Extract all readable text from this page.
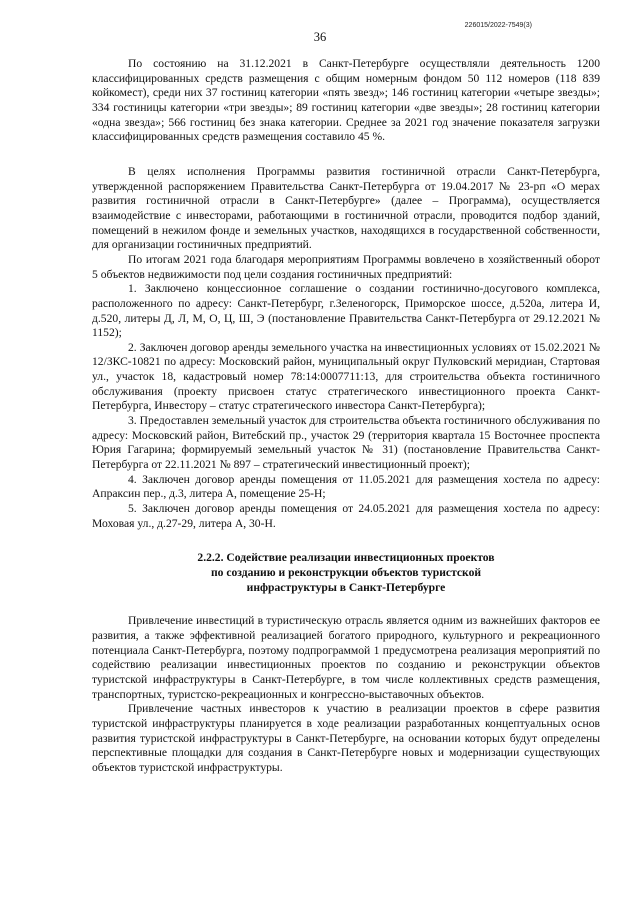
226015/2022-7549(3)
36

По состоянию на 31.12.2021 в Санкт-Петербурге осуществляли деятельность 1200 классифицированных средств размещения с общим номерным фондом 50 112 номеров (118 839 койкомест), среди них 37 гостиниц категории «пять звезд»; 146 гостиниц категории «четыре звезды»; 334 гостиницы категории «три звезды»; 89 гостиниц категории «две звезды»; 28 гостиниц категории «одна звезда»; 566 гостиниц без знака категории. Среднее за 2021 год значение показателя загрузки классифицированных средств размещения составило 45 %.

В целях исполнения Программы развития гостиничной отрасли Санкт-Петербурга, утвержденной распоряжением Правительства Санкт-Петербурга от 19.04.2017 № 23-рп «О мерах развития гостиничной отрасли в Санкт-Петербурге» (далее – Программа), осуществляется взаимодействие с инвесторами, работающими в гостиничной отрасли, проводится подбор зданий, помещений в нежилом фонде и земельных участков, находящихся в государственной собственности, для организации гостиничных предприятий.

По итогам 2021 года благодаря мероприятиям Программы вовлечено в хозяйственный оборот 5 объектов недвижимости под цели создания гостиничных предприятий:

1. Заключено концессионное соглашение о создании гостинично-досугового комплекса, расположенного по адресу: Санкт-Петербург, г.Зеленогорск, Приморское шоссе, д.520а, литера И, д.520, литеры Д, Л, М, О, Ц, Ш, Э (постановление Правительства Санкт-Петербурга от 29.12.2021 № 1152);

2. Заключен договор аренды земельного участка на инвестиционных условиях от 15.02.2021 № 12/ЗКС-10821 по адресу: Московский район, муниципальный округ Пулковский меридиан, Стартовая ул., участок 18, кадастровый номер 78:14:0007711:13, для строительства объекта гостиничного обслуживания (проекту присвоен статус стратегического инвестиционного проекта Санкт-Петербурга, Инвестору – статус стратегического инвестора Санкт-Петербурга);

3. Предоставлен земельный участок для строительства объекта гостиничного обслуживания по адресу: Московский район, Витебский пр., участок 29 (территория квартала 15 Восточнее проспекта Юрия Гагарина; формируемый земельный участок № 31) (постановление Правительства Санкт-Петербурга от 22.11.2021 № 897 – стратегический инвестиционный проект);

4. Заключен договор аренды помещения от 11.05.2021 для размещения хостела по адресу: Апраксин пер., д.3, литера А, помещение 25-Н;

5. Заключен договор аренды помещения от 24.05.2021 для размещения хостела по адресу: Моховая ул., д.27-29, литера А, 30-Н.

2.2.2. Содействие реализации инвестиционных проектов
по созданию и реконструкции объектов туристской
инфраструктуры в Санкт-Петербурге

Привлечение инвестиций в туристическую отрасль является одним из важнейших факторов ее развития, а также эффективной реализацией богатого природного, культурного и рекреационного потенциала Санкт-Петербурга, поэтому подпрограммой 1 предусмотрена реализация мероприятий по содействию реализации инвестиционных проектов по созданию и реконструкции объектов туристской инфраструктуры в Санкт-Петербурге, в том числе коллективных средств размещения, транспортных, туристско-рекреационных и конгрессно-выставочных объектов.

Привлечение частных инвесторов к участию в реализации проектов в сфере развития туристской инфраструктуры планируется в ходе реализации разработанных концептуальных основ развития туристской инфраструктуры в Санкт-Петербурге, на основании которых будут определены перспективные площадки для создания в Санкт-Петербурге новых и модернизации существующих объектов туристской инфраструктуры.
